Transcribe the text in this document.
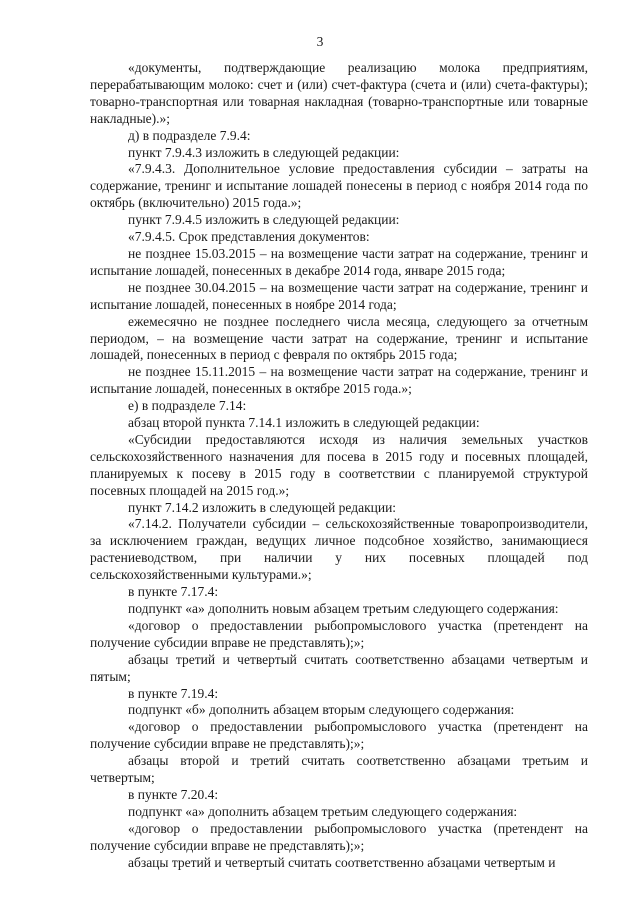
3

«документы, подтверждающие реализацию молока предприятиям, перерабатывающим молоко: счет и (или) счет-фактура (счета и (или) счета-фактуры); товарно-транспортная или товарная накладная (товарно-транспортные или товарные накладные).»;

д) в подразделе 7.9.4:

пункт 7.9.4.3 изложить в следующей редакции:

«7.9.4.3. Дополнительное условие предоставления субсидии – затраты на содержание, тренинг и испытание лошадей понесены в период с ноября 2014 года по октябрь (включительно) 2015 года.»;

пункт 7.9.4.5 изложить в следующей редакции:

«7.9.4.5. Срок представления документов:

не позднее 15.03.2015 – на возмещение части затрат на содержание, тренинг и испытание лошадей, понесенных в декабре 2014 года, январе 2015 года;

не позднее 30.04.2015 – на возмещение части затрат на содержание, тренинг и испытание лошадей, понесенных в ноябре 2014 года;

ежемесячно не позднее последнего числа месяца, следующего за отчетным периодом, – на возмещение части затрат на содержание, тренинг и испытание лошадей, понесенных в период с февраля по октябрь 2015 года;

не позднее 15.11.2015 – на возмещение части затрат на содержание, тренинг и испытание лошадей, понесенных в октябре 2015 года.»;

е) в подразделе 7.14:

абзац второй пункта 7.14.1 изложить в следующей редакции:

«Субсидии предоставляются исходя из наличия земельных участков сельскохозяйственного назначения для посева в 2015 году и посевных площадей, планируемых к посеву в 2015 году в соответствии с планируемой структурой посевных площадей на 2015 год.»;

пункт 7.14.2 изложить в следующей редакции:

«7.14.2. Получатели субсидии – сельскохозяйственные товаропроизводители, за исключением граждан, ведущих личное подсобное хозяйство, занимающиеся растениеводством, при наличии у них посевных площадей под сельскохозяйственными культурами.»;

в пункте 7.17.4:

подпункт «а» дополнить новым абзацем третьим следующего содержания:

«договор о предоставлении рыбопромыслового участка (претендент на получение субсидии вправе не представлять);»;

абзацы третий и четвертый считать соответственно абзацами четвертым и пятым;

в пункте 7.19.4:

подпункт «б» дополнить абзацем вторым следующего содержания:

«договор о предоставлении рыбопромыслового участка (претендент на получение субсидии вправе не представлять);»;

абзацы второй и третий считать соответственно абзацами третьим и четвертым;

в пункте 7.20.4:

подпункт «а» дополнить абзацем третьим следующего содержания:

«договор о предоставлении рыбопромыслового участка (претендент на получение субсидии вправе не представлять);»;

абзацы третий и четвертый считать соответственно абзацами четвертым и
